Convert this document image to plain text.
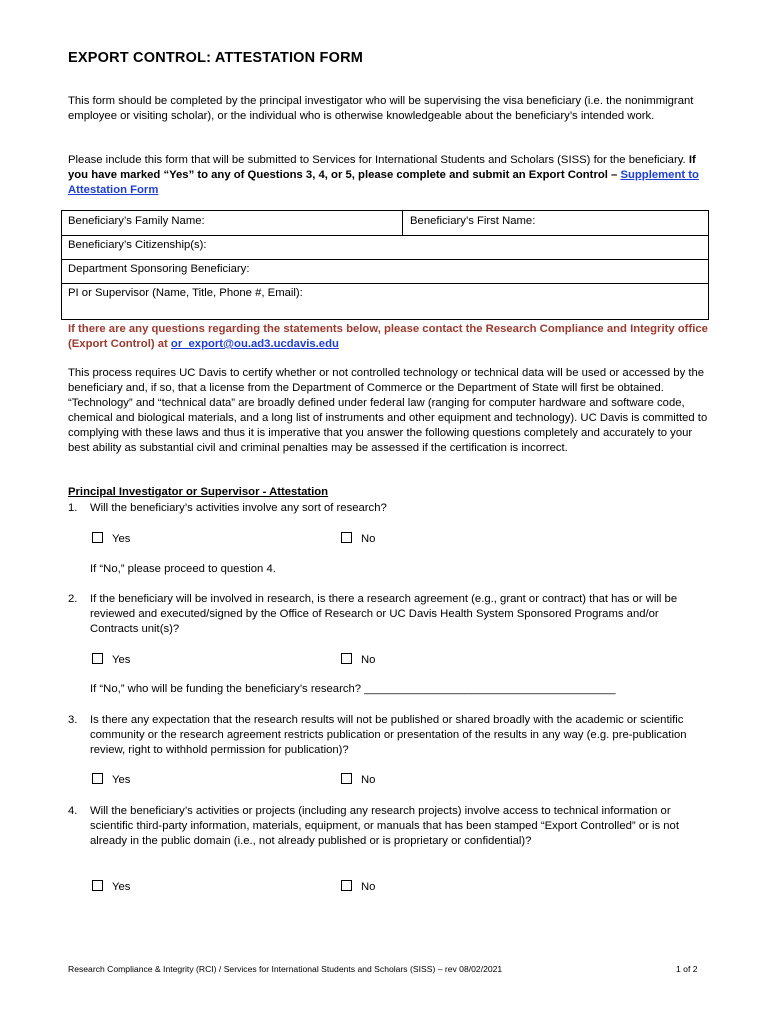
EXPORT CONTROL: ATTESTATION FORM
This form should be completed by the principal investigator who will be supervising the visa beneficiary (i.e. the nonimmigrant employee or visiting scholar), or the individual who is otherwise knowledgeable about the beneficiary’s intended work.
Please include this form that will be submitted to Services for International Students and Scholars (SISS) for the beneficiary. If you have marked “Yes” to any of Questions 3, 4, or 5, please complete and submit an Export Control – Supplement to Attestation Form
Beneficiary’s Family Name:	Beneficiary’s First Name:
Beneficiary’s Citizenship(s):
Department Sponsoring Beneficiary:
PI or Supervisor (Name, Title, Phone #, Email):
If there are any questions regarding the statements below, please contact the Research Compliance and Integrity office (Export Control) at or_export@ou.ad3.ucdavis.edu
This process requires UC Davis to certify whether or not controlled technology or technical data will be used or accessed by the beneficiary and, if so, that a license from the Department of Commerce or the Department of State will first be obtained. “Technology” and “technical data” are broadly defined under federal law (ranging for computer hardware and software code, chemical and biological materials, and a long list of instruments and other equipment and technology). UC Davis is committed to complying with these laws and thus it is imperative that you answer the following questions completely and accurately to your best ability as substantial civil and criminal penalties may be assessed if the certification is incorrect.
Principal Investigator or Supervisor - Attestation
1. Will the beneficiary’s activities involve any sort of research?
Yes	No
If “No,” please proceed to question 4.
2. If the beneficiary will be involved in research, is there a research agreement (e.g., grant or contract) that has or will be reviewed and executed/signed by the Office of Research or UC Davis Health System Sponsored Programs and/or Contracts unit(s)?
Yes	No
If “No,” who will be funding the beneficiary’s research? ________________________________________
3. Is there any expectation that the research results will not be published or shared broadly with the academic or scientific community or the research agreement restricts publication or presentation of the results in any way (e.g. pre-publication review, right to withhold permission for publication)?
Yes	No
4. Will the beneficiary’s activities or projects (including any research projects) involve access to technical information or scientific third-party information, materials, equipment, or manuals that has been stamped “Export Controlled” or is not already in the public domain (i.e., not already published or is proprietary or confidential)?
Yes	No
Research Compliance & Integrity (RCI) / Services for International Students and Scholars (SISS) – rev 08/02/2021	1 of 2
